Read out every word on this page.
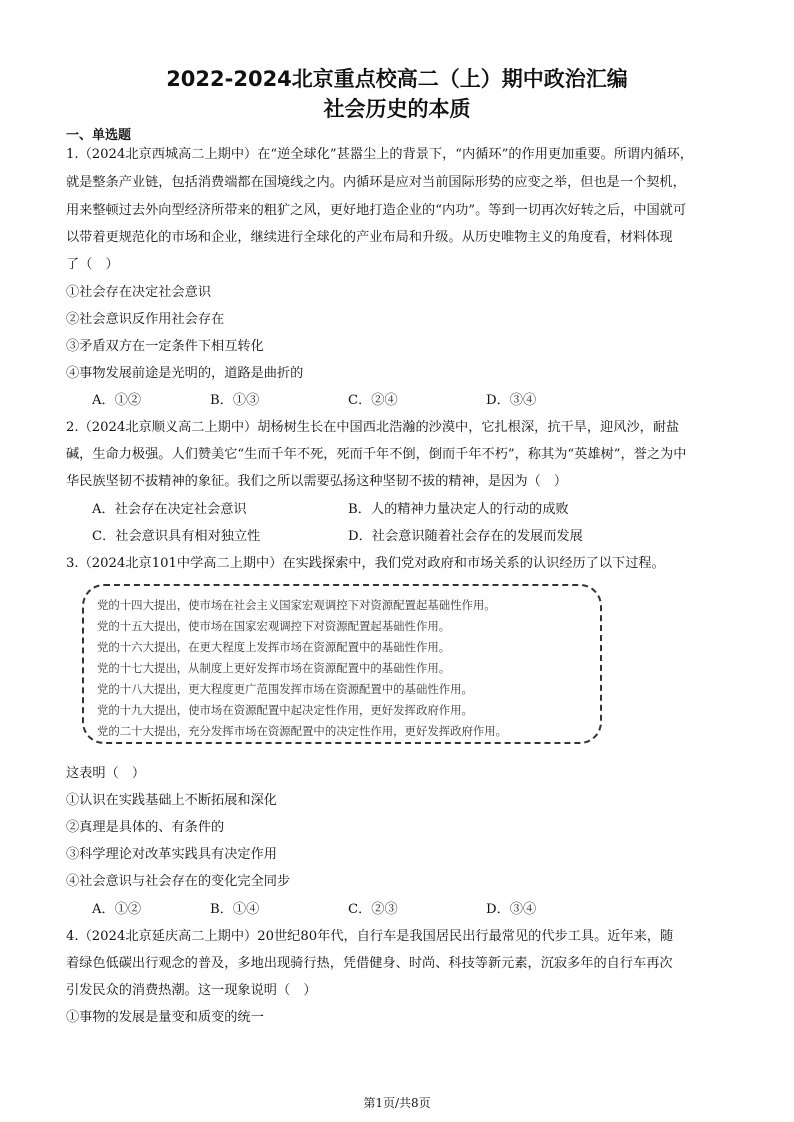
2022-2024北京重点校高二（上）期中政治汇编
社会历史的本质
一、单选题
1.（2024北京西城高二上期中）在“逆全球化”甚嚣尘上的背景下，“内循环”的作用更加重要。所谓内循环，
就是整条产业链，包括消费端都在国境线之内。内循环是应对当前国际形势的应变之举，但也是一个契机，
用来整顿过去外向型经济所带来的粗犷之风，更好地打造企业的“内功”。等到一切再次好转之后，中国就可
以带着更规范化的市场和企业，继续进行全球化的产业布局和升级。从历史唯物主义的角度看，材料体现
了（　）
①社会存在决定社会意识
②社会意识反作用社会存在
③矛盾双方在一定条件下相互转化
④事物发展前途是光明的，道路是曲折的
A．①②	B．①③	C．②④	D．③④
2.（2024北京顺义高二上期中）胡杨树生长在中国西北浩瀚的沙漠中，它扎根深，抗干旱，迎风沙，耐盐
碱，生命力极强。人们赞美它“生而千年不死，死而千年不倒，倒而千年不朽”，称其为“英雄树”，誉之为中
华民族坚韧不拔精神的象征。我们之所以需要弘扬这种坚韧不拔的精神，是因为（　）
A．社会存在决定社会意识	B．人的精神力量决定人的行动的成败
C．社会意识具有相对独立性	D．社会意识随着社会存在的发展而发展
3.（2024北京101中学高二上期中）在实践探索中，我们党对政府和市场关系的认识经历了以下过程。
党的十四大提出，使市场在社会主义国家宏观调控下对资源配置起基础性作用。
党的十五大提出，使市场在国家宏观调控下对资源配置起基础性作用。
党的十六大提出，在更大程度上发挥市场在资源配置中的基础性作用。
党的十七大提出，从制度上更好发挥市场在资源配置中的基础性作用。
党的十八大提出，更大程度更广范围发挥市场在资源配置中的基础性作用。
党的十九大提出，使市场在资源配置中起决定性作用，更好发挥政府作用。
党的二十大提出，充分发挥市场在资源配置中的决定性作用，更好发挥政府作用。
这表明（　）
①认识在实践基础上不断拓展和深化
②真理是具体的、有条件的
③科学理论对改革实践具有决定作用
④社会意识与社会存在的变化完全同步
A．①②	B．①④	C．②③	D．③④
4.（2024北京延庆高二上期中）20世纪80年代，自行车是我国居民出行最常见的代步工具。近年来，随
着绿色低碳出行观念的普及，多地出现骑行热，凭借健身、时尚、科技等新元素，沉寂多年的自行车再次
引发民众的消费热潮。这一现象说明（　）
①事物的发展是量变和质变的统一
第1页/共8页
